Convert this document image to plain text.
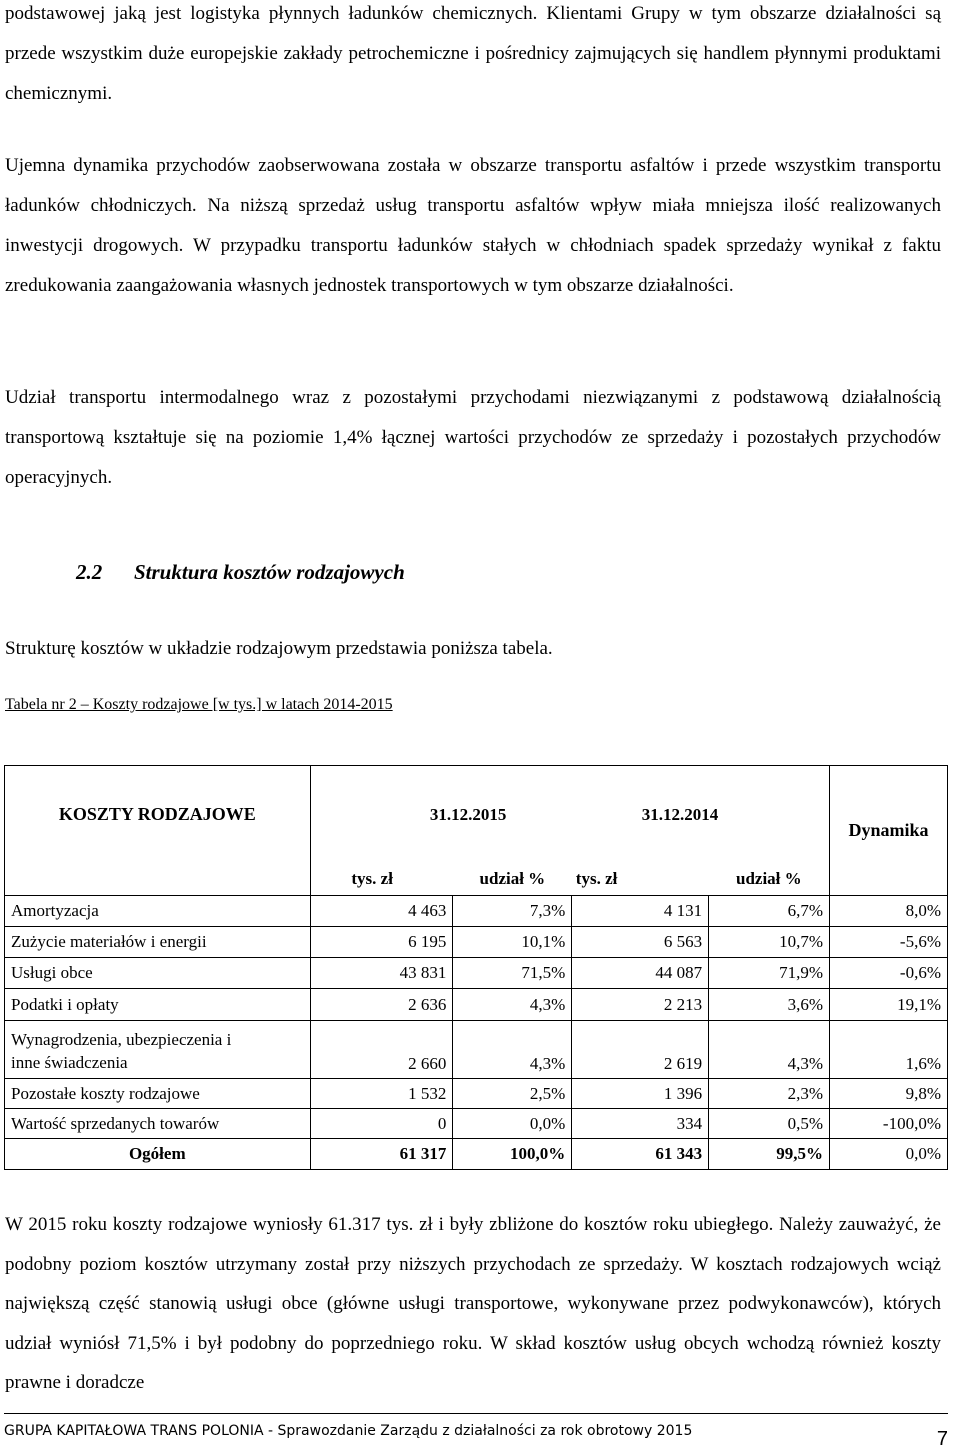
podstawowej jaką jest logistyka płynnych ładunków chemicznych. Klientami Grupy w tym obszarze działalności są przede wszystkim duże europejskie zakłady petrochemiczne i pośrednicy zajmujących się handlem płynnymi produktami chemicznymi.
Ujemna dynamika przychodów zaobserwowana została w obszarze transportu asfaltów i przede wszystkim transportu ładunków chłodniczych. Na niższą sprzedaż usług transportu asfaltów wpływ miała mniejsza ilość realizowanych inwestycji drogowych. W przypadku transportu ładunków stałych w chłodniach spadek sprzedaży wynikał z faktu zredukowania zaangażowania własnych jednostek transportowych w tym obszarze działalności.
Udział transportu intermodalnego wraz z pozostałymi przychodami niezwiązanymi z podstawową działalnością transportową kształtuje się na poziomie 1,4% łącznej wartości przychodów ze sprzedaży i pozostałych przychodów operacyjnych.
2.2 Struktura kosztów rodzajowych
Strukturę kosztów w układzie rodzajowym przedstawia poniższa tabela.
Tabela nr 2 – Koszty rodzajowe [w tys.] w latach 2014-2015
KOSZTY RODZAJOWE	31.12.2015		31.12.2014		Dynamika
	tys. zł	udział %	tys. zł	udział %	
Amortyzacja	4 463	7,3%	4 131	6,7%	8,0%
Zużycie materiałów i energii	6 195	10,1%	6 563	10,7%	-5,6%
Usługi obce	43 831	71,5%	44 087	71,9%	-0,6%
Podatki i opłaty	2 636	4,3%	2 213	3,6%	19,1%
Wynagrodzenia, ubezpieczenia i
inne świadczenia	2 660	4,3%	2 619	4,3%	1,6%
Pozostałe koszty rodzajowe	1 532	2,5%	1 396	2,3%	9,8%
Wartość sprzedanych towarów	0	0,0%	334	0,5%	-100,0%
Ogółem	61 317	100,0%	61 343	99,5%	0,0%
W 2015 roku koszty rodzajowe wyniosły 61.317 tys. zł i były zbliżone do kosztów roku ubiegłego. Należy zauważyć, że podobny poziom kosztów utrzymany został przy niższych przychodach ze sprzedaży. W kosztach rodzajowych wciąż największą część stanowią usługi obce (główne usługi transportowe, wykonywane przez podwykonawców), których udział wyniósł 71,5% i był podobny do poprzedniego roku. W skład kosztów usług obcych wchodzą również koszty prawne i doradcze
GRUPA KAPITAŁOWA TRANS POLONIA - Sprawozdanie Zarządu z działalności za rok obrotowy 2015	7
